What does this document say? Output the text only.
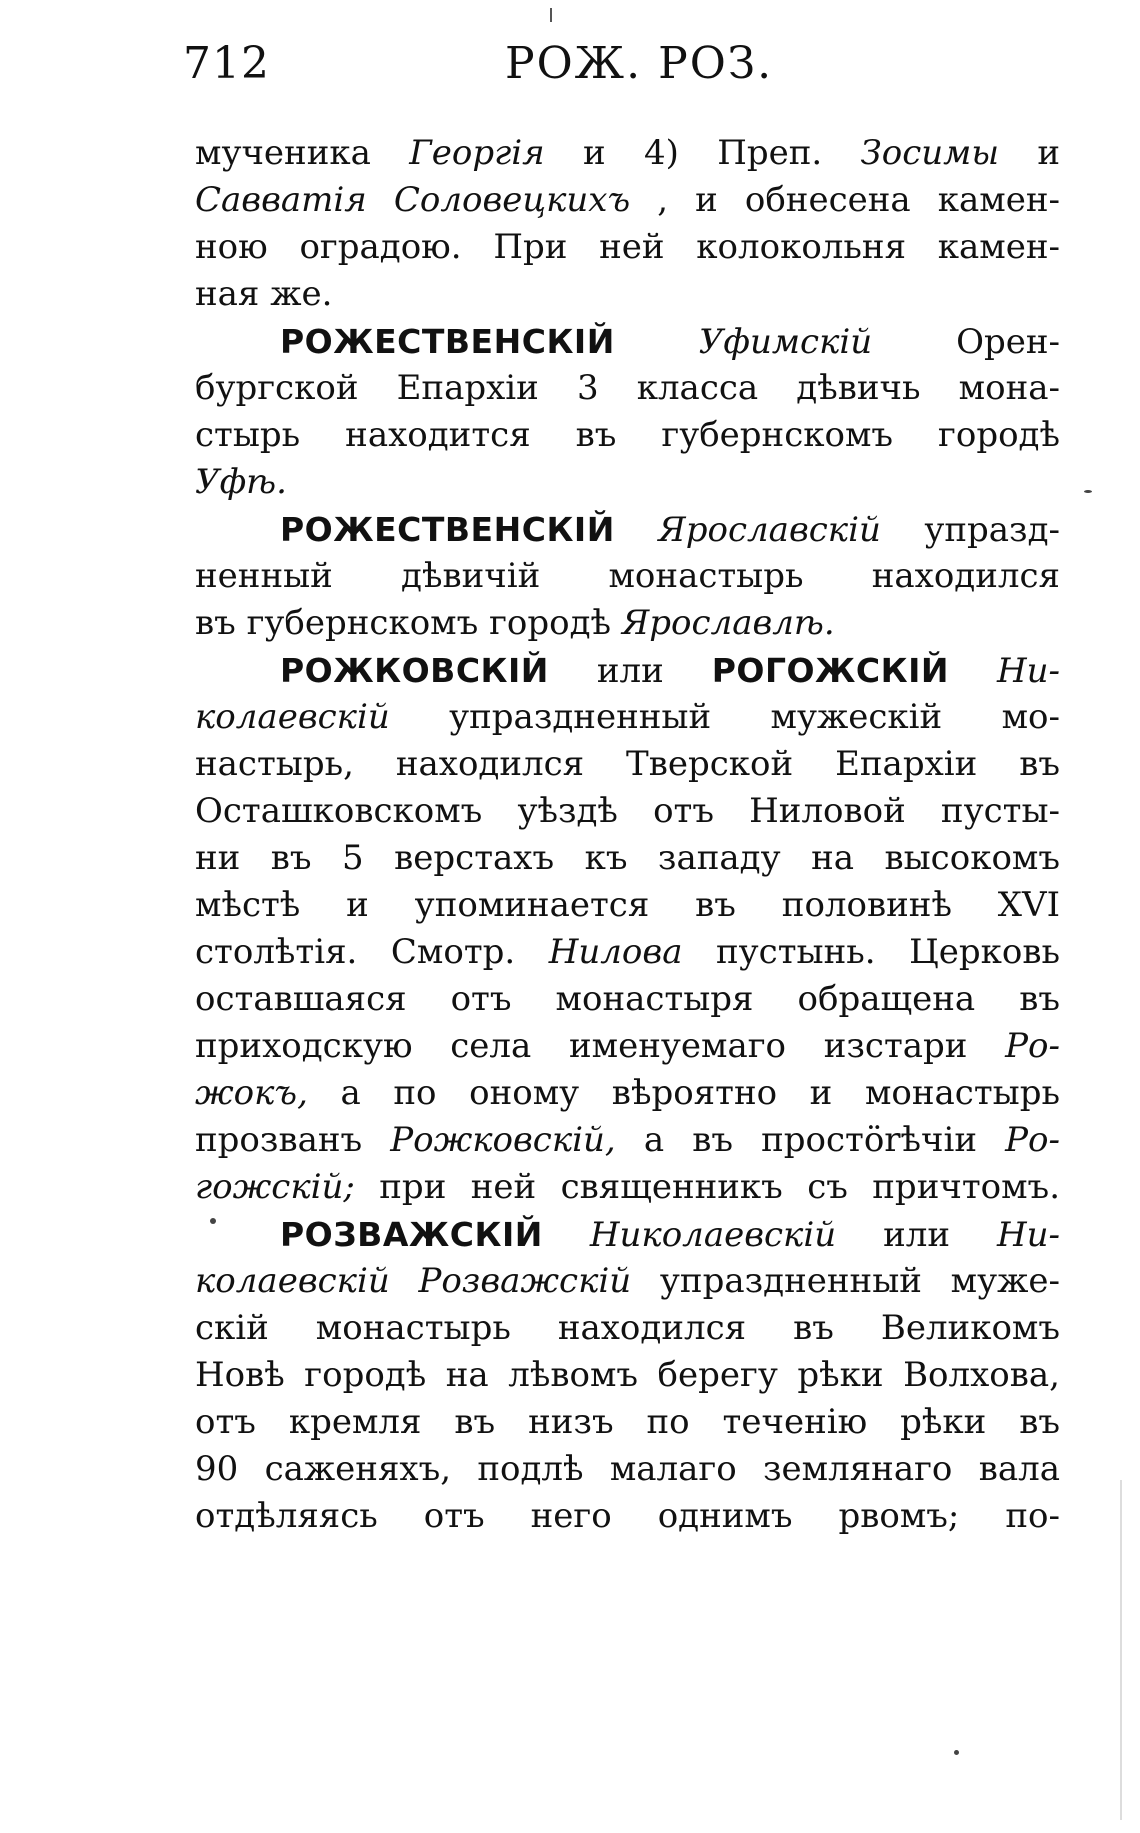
712	РОЖ. РОЗ.
мученика Георгія и 4) Преп. Зосимы и
Савватія Соловецкихъ , и обнесена камен-
ною оградою. При ней колокольня камен-
ная же.
РОЖЕСТВЕНСКІЙ Уфимскій Орен-
бургской Епархіи 3 класса дѣвичь мона-
стырь находится въ губернскомъ городѣ
Уфѣ.
РОЖЕСТВЕНСКІЙ Ярославскій упразд-
ненный дѣвичій монастырь находился
въ губернскомъ городѣ Ярославлѣ.
РОЖКОВСКІЙ или РОГОЖСКІЙ Ни-
колаевскій упраздненный мужескій мо-
настырь, находился Тверской Епархіи въ
Осташковскомъ уѣздѣ отъ Ниловой пусты-
ни въ 5 верстахъ къ западу на высокомъ
мѣстѣ и упоминается въ половинѣ XVI
столѣтія. Смотр. Нилова пустынь. Церковь
оставшаяся отъ монастыря обращена въ
приходскую села именуемаго изстари Ро-
жокъ, а по оному вѣроятно и монастырь
прозванъ Рожковскій, а въ простörѣчіи Ро-
гожскій; при ней священникъ съ причтомъ.
РОЗВАЖСКІЙ Николаевскій или Ни-
колаевскій Розважскій упраздненный муже-
скій монастырь находился въ Великомъ
Новѣ городѣ на лѣвомъ берегу рѣки Волхова,
отъ кремля въ низъ по теченію рѣки въ
90 саженяхъ, подлѣ малаго землянаго вала
отдѣляясь отъ него однимъ рвомъ; по-
